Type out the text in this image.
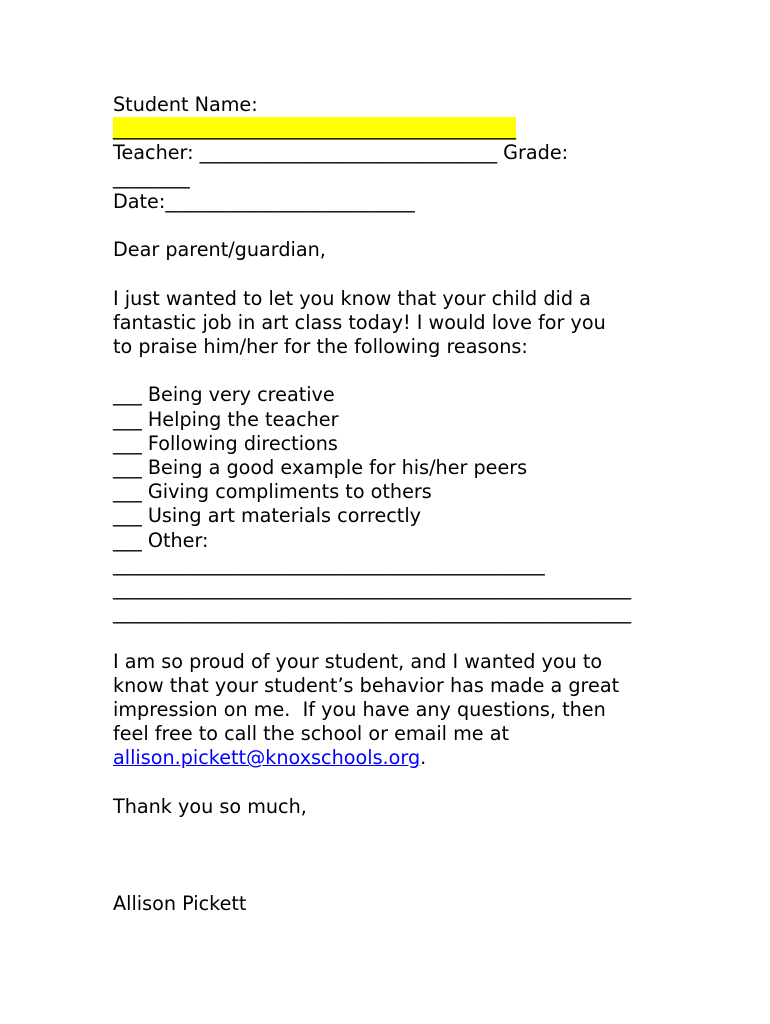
Student Name:
__________________________________________
Teacher: _______________________________ Grade:
________
Date:__________________________
Dear parent/guardian,
I just wanted to let you know that your child did a
fantastic job in art class today! I would love for you
to praise him/her for the following reasons:
___ Being very creative
___ Helping the teacher
___ Following directions
___ Being a good example for his/her peers
___ Giving compliments to others
___ Using art materials correctly
___ Other:
_____________________________________________
______________________________________________________
______________________________________________________
I am so proud of your student, and I wanted you to
know that your student’s behavior has made a great
impression on me.  If you have any questions, then
feel free to call the school or email me at
allison.pickett@knoxschools.org.
Thank you so much,
Allison Pickett
